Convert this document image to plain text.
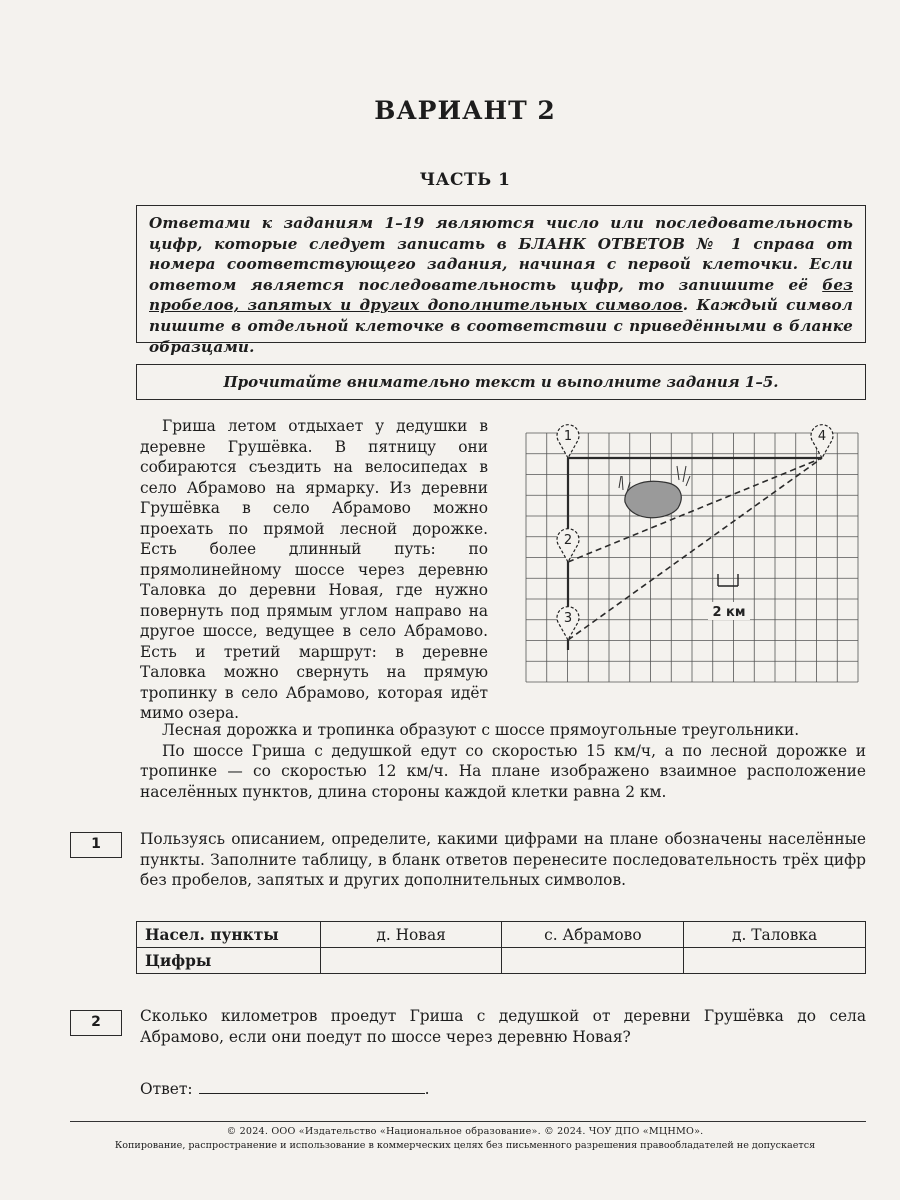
ВАРИАНТ 2
ЧАСТЬ 1
Ответами к заданиям 1–19 являются число или последовательность цифр, которые следует записать в БЛАНК ОТВЕТОВ № 1 справа от номера соответствующего задания, начиная с первой клеточки. Если ответом является последовательность цифр, то запишите её без пробелов, запятых и других дополнительных символов. Каждый символ пишите в отдельной клеточке в соответствии с приведёнными в бланке образцами.
Прочитайте внимательно текст и выполните задания 1–5.

Гриша летом отдыхает у дедушки в деревне Грушёвка. В пятницу они собираются съездить на велосипедах в село Абрамово на ярмарку. Из деревни Грушёвка в село Абрамово можно проехать по прямой лесной дорожке. Есть более длинный путь: по прямолинейному шоссе через деревню Таловка до деревни Новая, где нужно повернуть под прямым углом направо на другое шоссе, ведущее в село Абрамово. Есть и третий маршрут: в деревне Таловка можно свернуть на прямую тропинку в село Абрамово, которая идёт мимо озера.

2 км
1
2
3
4

Лесная дорожка и тропинка образуют с шоссе прямоугольные треугольники.

По шоссе Гриша с дедушкой едут со скоростью 15 км/ч, а по лесной дорожке и тропинке — со скоростью 12 км/ч. На плане изображено взаимное расположение населённых пунктов, длина стороны каждой клетки равна 2 км.

1	Пользуясь описанием, определите, какими цифрами на плане обозначены населённые пункты. Заполните таблицу, в бланк ответов перенесите последовательность трёх цифр без пробелов, запятых и других дополнительных символов.
Насел. пункты	д. Новая	с. Абрамово	д. Таловка
Цифры			
2	Сколько километров проедут Гриша с дедушкой от деревни Грушёвка до села Абрамово, если они поедут по шоссе через деревню Новая?
Ответ:	.
© 2024. ООО «Издательство «Национальное образование». © 2024. ЧОУ ДПО «МЦНМО».
Копирование, распространение и использование в коммерческих целях без письменного разрешения правообладателей не допускается
